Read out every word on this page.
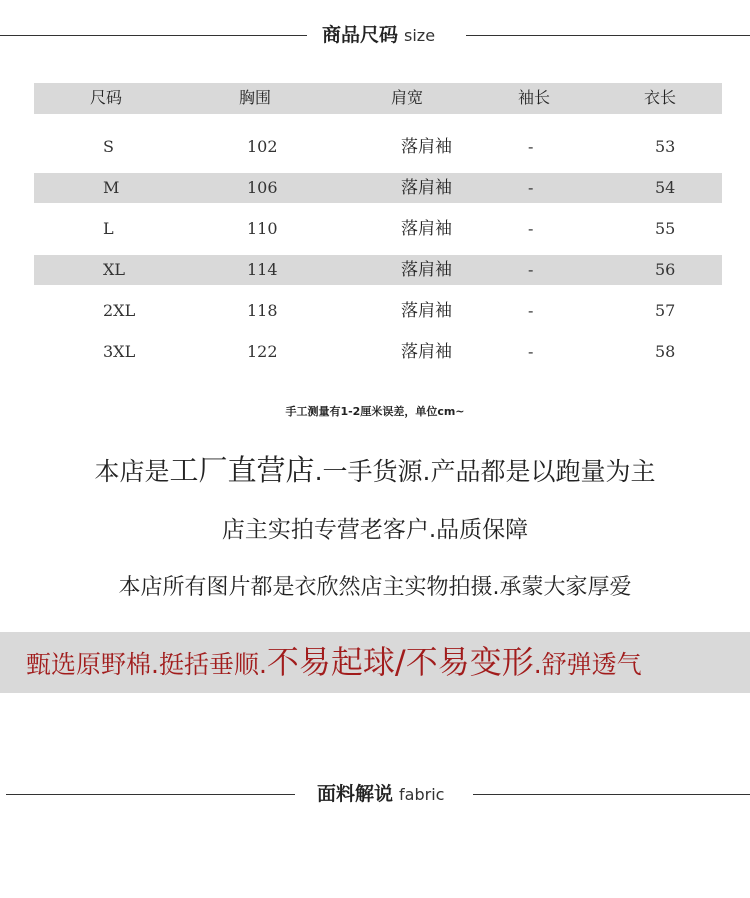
商品尺码 size
尺码	胸围	肩宽	袖长	衣长
S	102	落肩袖	-	53
M	106	落肩袖	-	54
L	110	落肩袖	-	55
XL	114	落肩袖	-	56
2XL	118	落肩袖	-	57
3XL	122	落肩袖	-	58
手工测量有1-2厘米误差，单位cm~
本店是工厂直营店.一手货源.产品都是以跑量为主
店主实拍专营老客户.品质保障
本店所有图片都是衣欣然店主实物拍摄.承蒙大家厚爱
甄选原野棉.挺括垂顺.不易起球/不易变形.舒弹透气
面料解说 fabric
